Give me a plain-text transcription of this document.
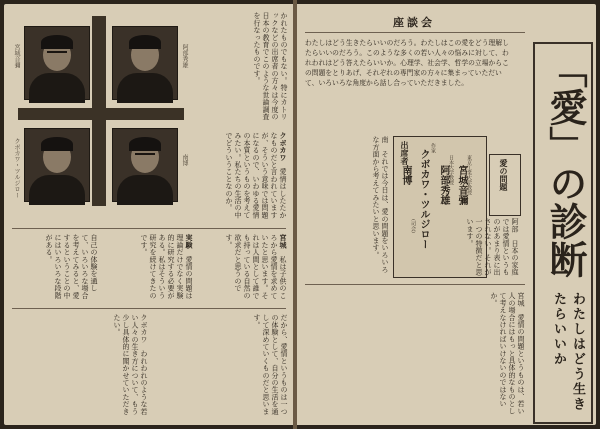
宮城音彌	阿部秀雄
クボカワ・ツルジロー	南博
かれたものでもない。特にカトリックなどの出席者の方々は今度の日本の教育でこのような世論調査を行なったものです。
クボカワ　愛情はしたたかなものだと言われていますが、そういう意味では問題になるので、いわゆる愛情の本質というものを考えてみたい。私たちの生活の中でどういうことなのか。
宮城　私は子供のころから愛情を求めていたと思います。それは人間として誰でも持っている自然の欲求だと思うのです。
実験　愛情の問題は理論だけでなく実験的に研究する必要がある。私はそういう研究を続けてきたのです。
自己の体験を通して、いろいろな場合を考えてみると、愛するということの中にはいろいろな段階がある。
だから、愛情というものは一つの体験として、自分の生活を通して深めていくものだと思います。
クボカワ　われわれのような若い人々の生き方について、もう少し具体的に聞かせていただきたい。
座談会
わたしはどう生きたらいいのだろう。わたしはこの愛をどう理解したらいいのだろう。このような多くの若い人々の悩みに対して、われわれはどう答えたらいいか。心理学、社会学、哲学の立場からこの問題をとりあげ、それぞれの専門家の方々に集まっていただいて、いろいろな角度から話し合っていただきました。	「愛」の診断
わたしはどう生きたらいいか
出席者
東京工業大学教授
宮城音彌
日本大学教授
阿部秀雄
作家
クボカワ・ツルジロー
(司会)
南博
南　それでは今日は、愛の問題をいろいろな方面から考えてみたいと思います。	愛の問題
阿部　日本の家庭では愛情というものがあまり表に出されない。それが一つの特徴だと思います。
宮城　愛情の問題というものは、若い人の場合にはもっと具体的なものとして考えなければいけないのではないか。
